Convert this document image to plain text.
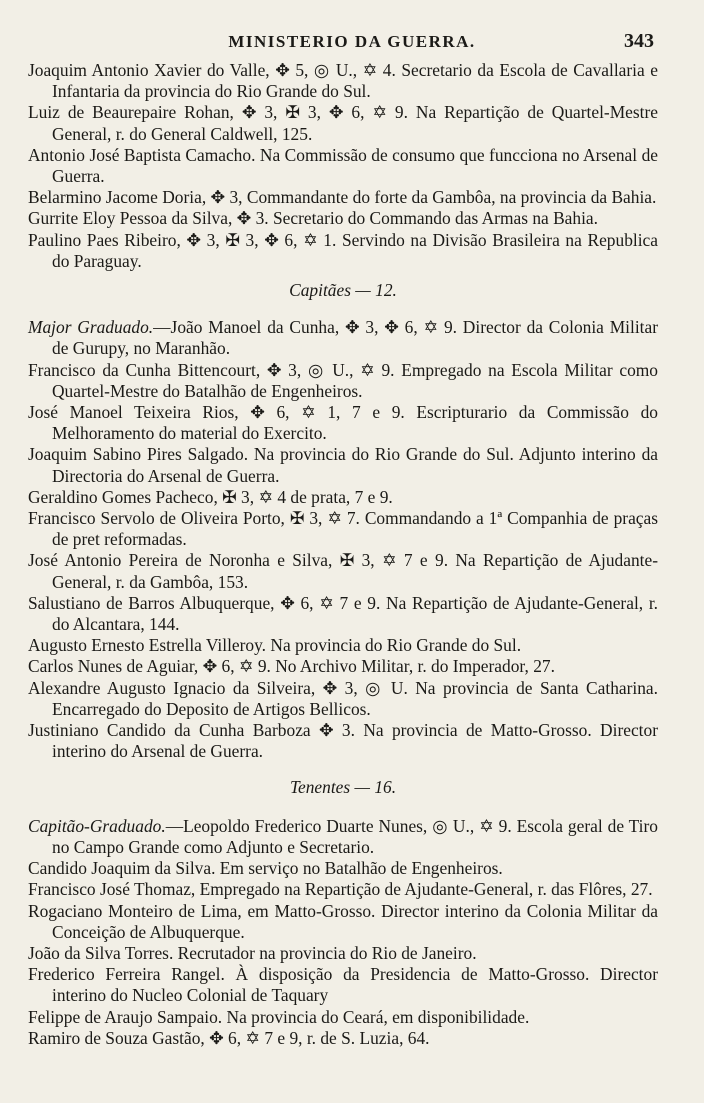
MINISTERIO DA GUERRA.	343

Joaquim Antonio Xavier do Valle, ✥ 5, ◎ U., ✡ 4. Secretario da Escola de Cavallaria e Infantaria da provincia do Rio Grande do Sul.

Luiz de Beaurepaire Rohan, ✥ 3, ✠ 3, ✥ 6, ✡ 9. Na Repartição de Quartel-Mestre General, r. do General Caldwell, 125.

Antonio José Baptista Camacho. Na Commissão de consumo que funcciona no Arsenal de Guerra.

Belarmino Jacome Doria, ✥ 3, Commandante do forte da Gambôa, na provincia da Bahia.

Gurrite Eloy Pessoa da Silva, ✥ 3. Secretario do Commando das Armas na Bahia.

Paulino Paes Ribeiro, ✥ 3, ✠ 3, ✥ 6, ✡ 1. Servindo na Divisão Brasileira na Republica do Paraguay.

Capitães — 12.

Major Graduado.—João Manoel da Cunha, ✥ 3, ✥ 6, ✡ 9. Director da Colonia Militar de Gurupy, no Maranhão.

Francisco da Cunha Bittencourt, ✥ 3, ◎ U., ✡ 9. Empregado na Escola Militar como Quartel-Mestre do Batalhão de Engenheiros.

José Manoel Teixeira Rios, ✥ 6, ✡ 1, 7 e 9. Escripturario da Commissão do Melhoramento do material do Exercito.

Joaquim Sabino Pires Salgado. Na provincia do Rio Grande do Sul. Adjunto interino da Directoria do Arsenal de Guerra.

Geraldino Gomes Pacheco, ✠ 3, ✡ 4 de prata, 7 e 9.

Francisco Servolo de Oliveira Porto, ✠ 3, ✡ 7. Commandando a 1ª Companhia de praças de pret reformadas.

José Antonio Pereira de Noronha e Silva, ✠ 3, ✡ 7 e 9. Na Repartição de Ajudante-General, r. da Gambôa, 153.

Salustiano de Barros Albuquerque, ✥ 6, ✡ 7 e 9. Na Repartição de Ajudante-General, r. do Alcantara, 144.

Augusto Ernesto Estrella Villeroy. Na provincia do Rio Grande do Sul.

Carlos Nunes de Aguiar, ✥ 6, ✡ 9. No Archivo Militar, r. do Imperador, 27.

Alexandre Augusto Ignacio da Silveira, ✥ 3, ◎ U. Na provincia de Santa Catharina. Encarregado do Deposito de Artigos Bellicos.

Justiniano Candido da Cunha Barboza ✥ 3. Na provincia de Matto-Grosso. Director interino do Arsenal de Guerra.

Tenentes — 16.

Capitão-Graduado.—Leopoldo Frederico Duarte Nunes, ◎ U., ✡ 9. Escola geral de Tiro no Campo Grande como Adjunto e Secretario.

Candido Joaquim da Silva. Em serviço no Batalhão de Engenheiros.

Francisco José Thomaz, Empregado na Repartição de Ajudante-General, r. das Flôres, 27.

Rogaciano Monteiro de Lima, em Matto-Grosso. Director interino da Colonia Militar da Conceição de Albuquerque.

João da Silva Torres. Recrutador na provincia do Rio de Janeiro.

Frederico Ferreira Rangel. À disposição da Presidencia de Matto-Grosso. Director interino do Nucleo Colonial de Taquary

Felippe de Araujo Sampaio. Na provincia do Ceará, em disponibilidade.

Ramiro de Souza Gastão, ✥ 6, ✡ 7 e 9, r. de S. Luzia, 64.
